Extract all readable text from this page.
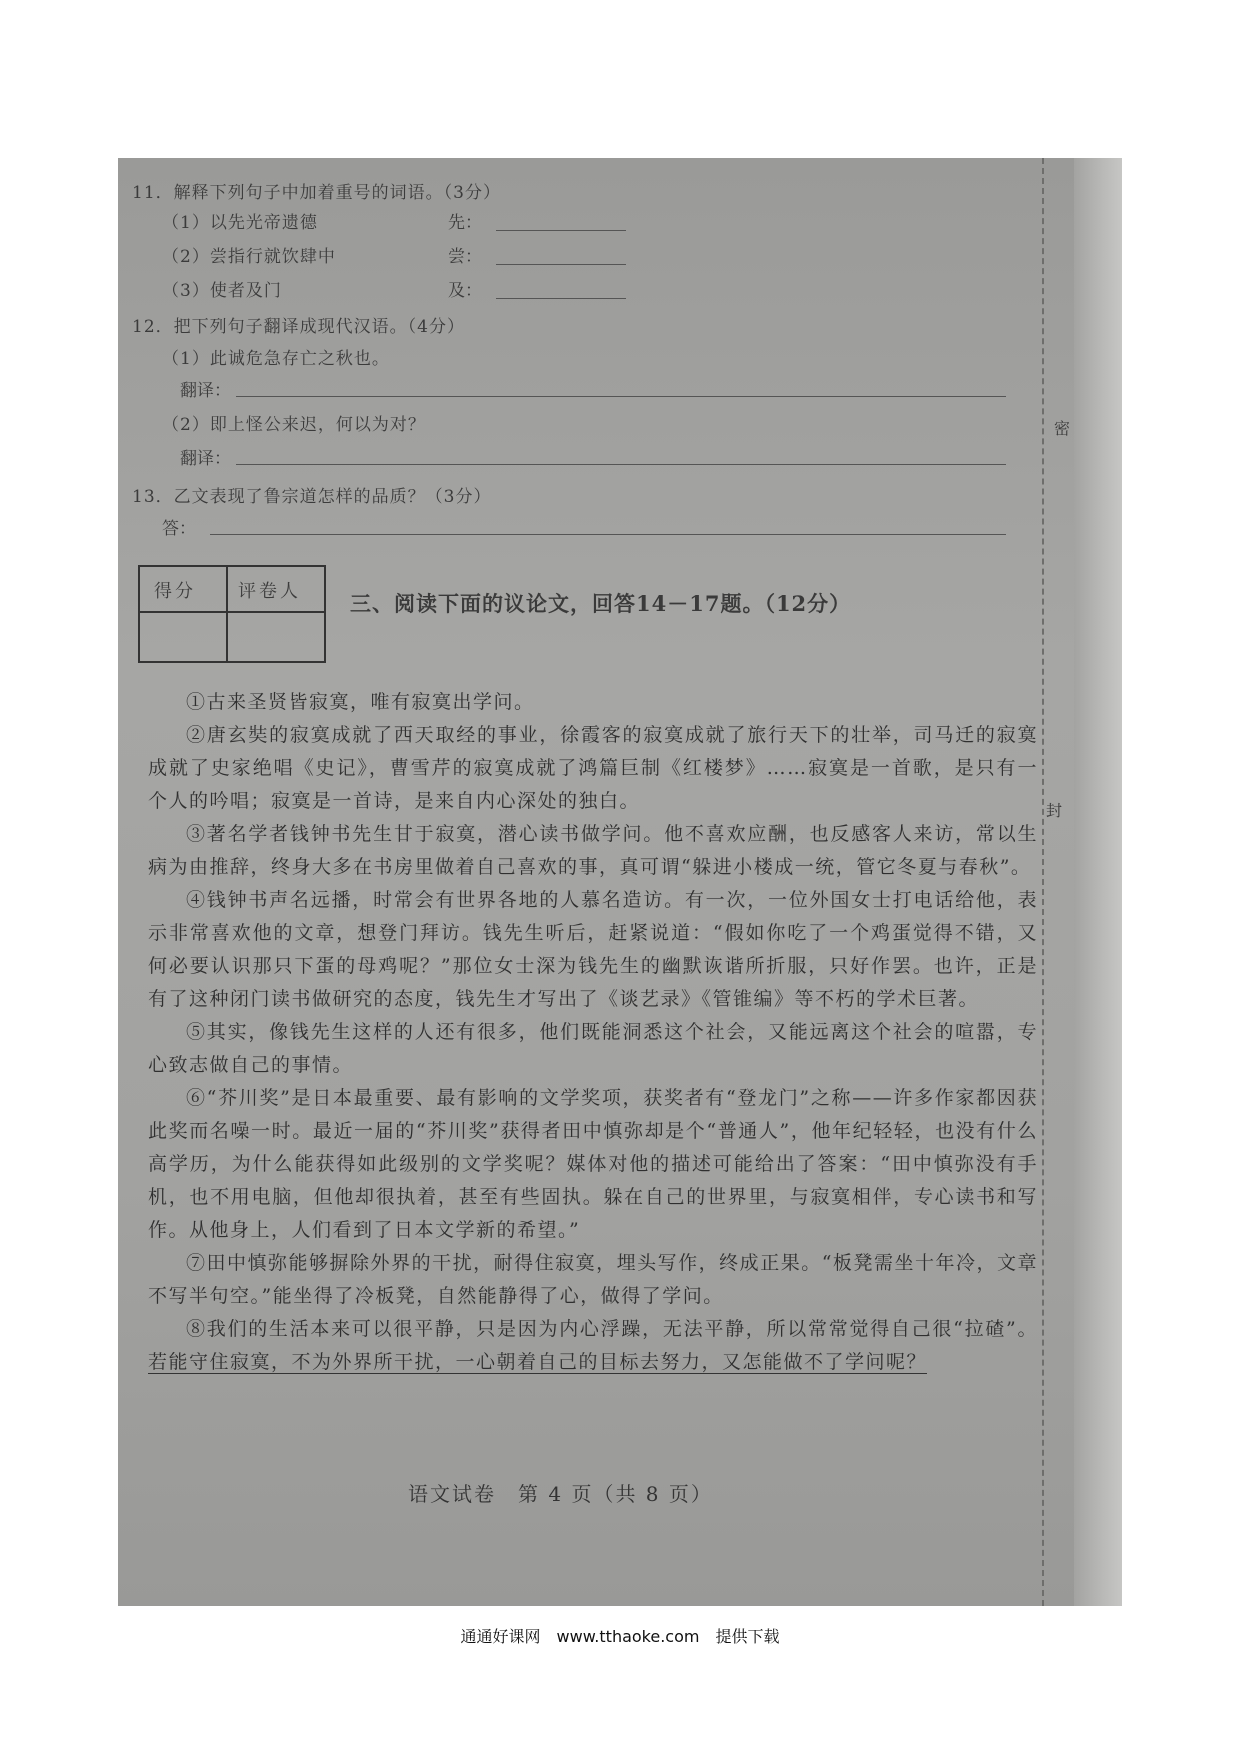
密
封
11．解释下列句子中加着重号的词语。（3分）
（1）以先光帝遗德	先：
（2）尝指行就饮肆中	尝：
（3）使者及门	及：
12．把下列句子翻译成现代汉语。（4分）
（1）此诚危急存亡之秋也。
翻译：
（2）即上怪公来迟，何以为对？
翻译：
13．乙文表现了鲁宗道怎样的品质？（3分）
答：
得分 评卷人 三、阅读下面的议论文，回答14－17题。（12分）

①古来圣贤皆寂寞，唯有寂寞出学问。

②唐玄奘的寂寞成就了西天取经的事业，徐霞客的寂寞成就了旅行天下的壮举，司马迁的寂寞成就了史家绝唱《史记》，曹雪芹的寂寞成就了鸿篇巨制《红楼梦》……寂寞是一首歌，是只有一个人的吟唱；寂寞是一首诗，是来自内心深处的独白。

③著名学者钱钟书先生甘于寂寞，潜心读书做学问。他不喜欢应酬，也反感客人来访，常以生病为由推辞，终身大多在书房里做着自己喜欢的事，真可谓“躲进小楼成一统，管它冬夏与春秋”。

④钱钟书声名远播，时常会有世界各地的人慕名造访。有一次，一位外国女士打电话给他，表示非常喜欢他的文章，想登门拜访。钱先生听后，赶紧说道：“假如你吃了一个鸡蛋觉得不错，又何必要认识那只下蛋的母鸡呢？”那位女士深为钱先生的幽默诙谐所折服，只好作罢。也许，正是有了这种闭门读书做研究的态度，钱先生才写出了《谈艺录》《管锥编》等不朽的学术巨著。

⑤其实，像钱先生这样的人还有很多，他们既能洞悉这个社会，又能远离这个社会的喧嚣，专心致志做自己的事情。

⑥“芥川奖”是日本最重要、最有影响的文学奖项，获奖者有“登龙门”之称——许多作家都因获此奖而名噪一时。最近一届的“芥川奖”获得者田中慎弥却是个“普通人”，他年纪轻轻，也没有什么高学历，为什么能获得如此级别的文学奖呢？媒体对他的描述可能给出了答案：“田中慎弥没有手机，也不用电脑，但他却很执着，甚至有些固执。躲在自己的世界里，与寂寞相伴，专心读书和写作。从他身上，人们看到了日本文学新的希望。”

⑦田中慎弥能够摒除外界的干扰，耐得住寂寞，埋头写作，终成正果。“板凳需坐十年冷，文章不写半句空。”能坐得了冷板凳，自然能静得了心，做得了学问。

⑧我们的生活本来可以很平静，只是因为内心浮躁，无法平静，所以常常觉得自己很“拉碴”。若能守住寂寞，不为外界所干扰，一心朝着自己的目标去努力，又怎能做不了学问呢？

语文试卷　第 4 页（共 8 页）
通通好课网　www.tthaoke.com　提供下载
